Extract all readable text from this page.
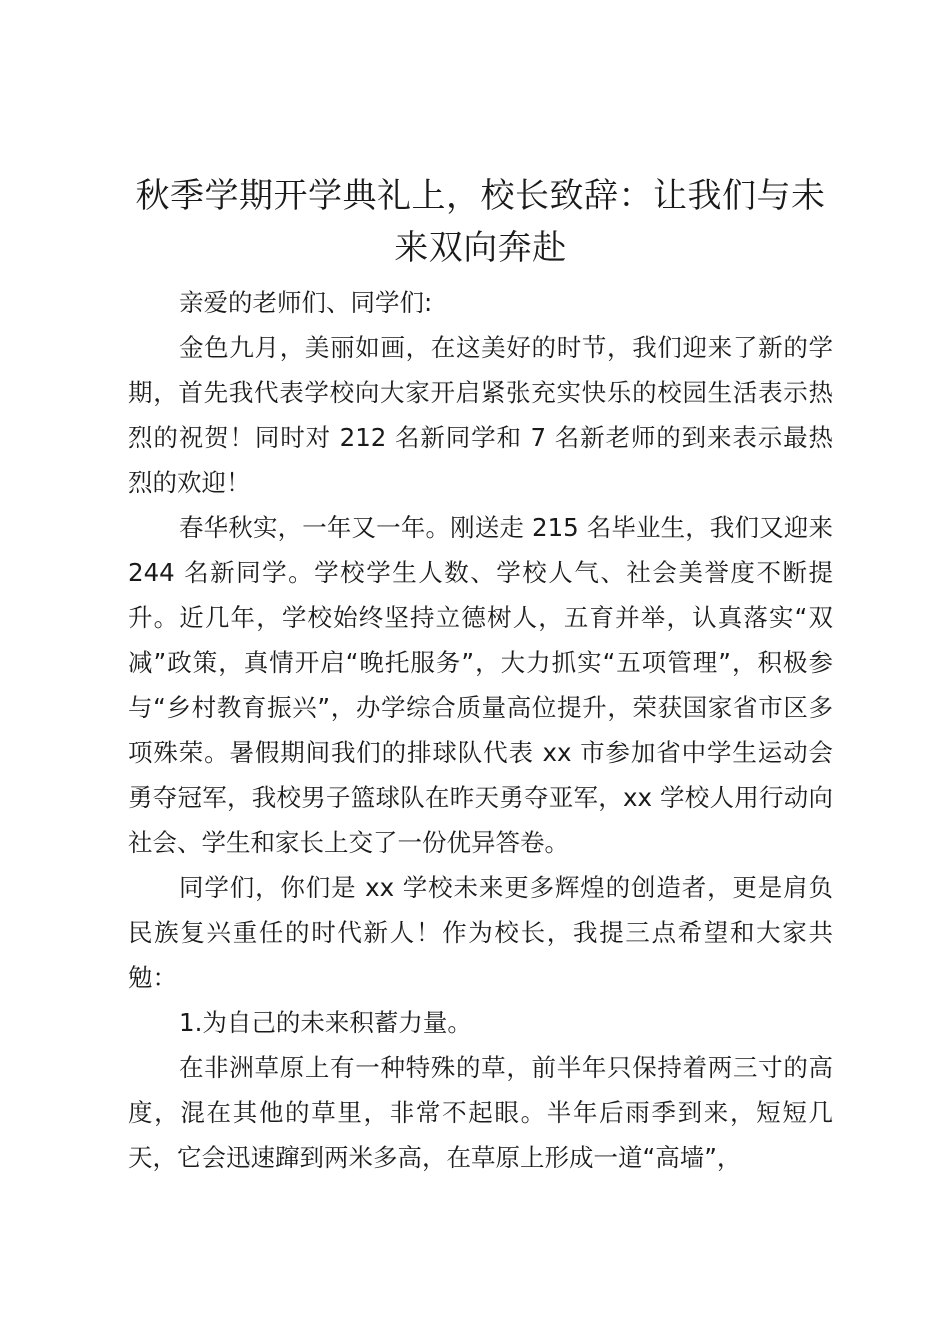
秋季学期开学典礼上，校长致辞：让我们与未来双向奔赴

亲爱的老师们、同学们:

金色九月，美丽如画，在这美好的时节，我们迎来了新的学期，首先我代表学校向大家开启紧张充实快乐的校园生活表示热烈的祝贺！同时对 212 名新同学和 7 名新老师的到来表示最热烈的欢迎！

春华秋实，一年又一年。刚送走 215 名毕业生，我们又迎来 244 名新同学。学校学生人数、学校人气、社会美誉度不断提升。近几年，学校始终坚持立德树人，五育并举，认真落实“双减”政策，真情开启“晚托服务”，大力抓实“五项管理”，积极参与“乡村教育振兴”，办学综合质量高位提升，荣获国家省市区多项殊荣。暑假期间我们的排球队代表 xx 市参加省中学生运动会勇夺冠军，我校男子篮球队在昨天勇夺亚军，xx 学校人用行动向社会、学生和家长上交了一份优异答卷。

同学们，你们是 xx 学校未来更多辉煌的创造者，更是肩负民族复兴重任的时代新人！作为校长，我提三点希望和大家共勉：

1.为自己的未来积蓄力量。

在非洲草原上有一种特殊的草，前半年只保持着两三寸的高度，混在其他的草里，非常不起眼。半年后雨季到来，短短几天，它会迅速蹿到两米多高，在草原上形成一道“高墙”，
